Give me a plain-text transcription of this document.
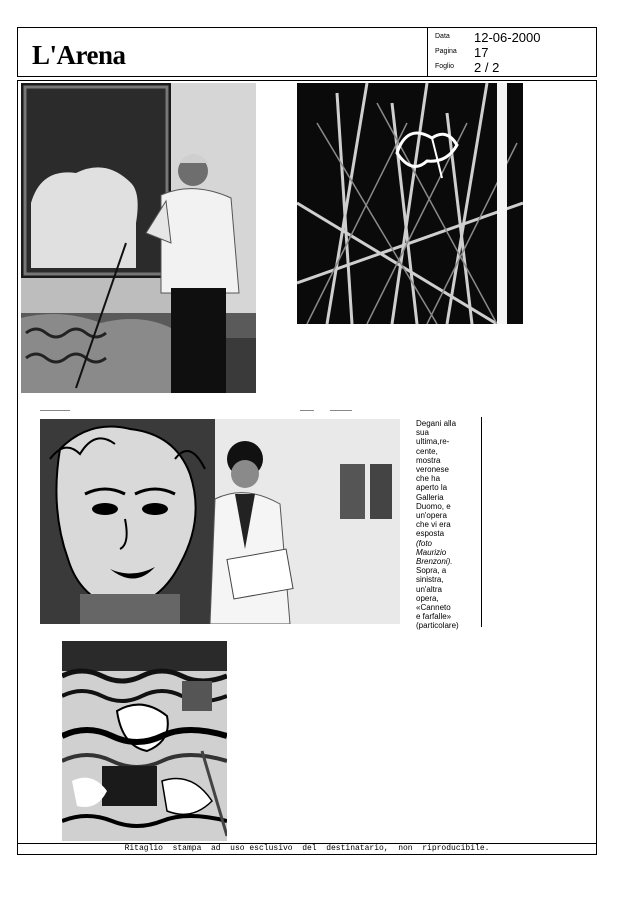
L'Arena
Data 12-06-2000
Pagina 17
Foglio 2 / 2
Degani alla
sua
ultima,re-
cente,
mostra
veronese
che ha
aperto la
Galleria
Duomo, e
un'opera
che vi era
esposta
(foto
Maurizio
Brenzoni).
Sopra, a
sinistra,
un'altra
opera,
«Canneto
e farfalle»
(particolare)
Ritaglio  stampa  ad  uso esclusivo  del  destinatario,  non  riproducibile.
